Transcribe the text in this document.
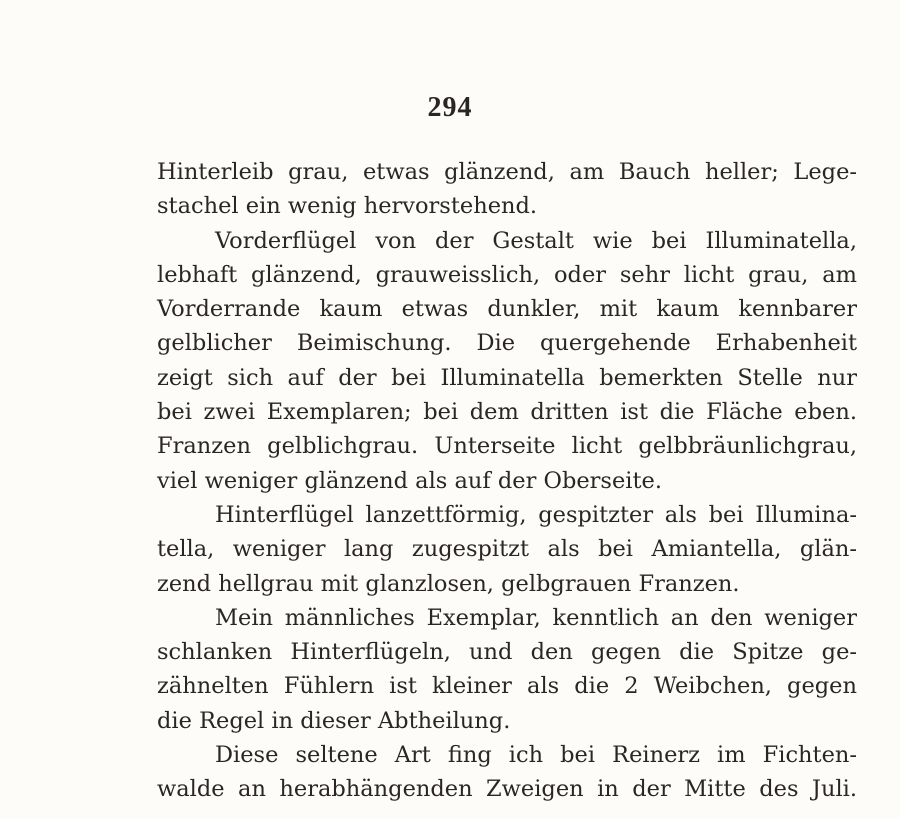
294
Hinterleib grau, etwas glänzend, am Bauch heller; Lege-
stachel ein wenig hervorstehend.
Vorderflügel von der Gestalt wie bei Illuminatella,
lebhaft glänzend, grauweisslich, oder sehr licht grau, am
Vorderrande kaum etwas dunkler, mit kaum kennbarer
gelblicher Beimischung. Die quergehende Erhabenheit
zeigt sich auf der bei Illuminatella bemerkten Stelle nur
bei zwei Exemplaren; bei dem dritten ist die Fläche eben.
Franzen gelblichgrau. Unterseite licht gelbbräunlichgrau,
viel weniger glänzend als auf der Oberseite.
Hinterflügel lanzettförmig, gespitzter als bei Illumina-
tella, weniger lang zugespitzt als bei Amiantella, glän-
zend hellgrau mit glanzlosen, gelbgrauen Franzen.
Mein männliches Exemplar, kenntlich an den weniger
schlanken Hinterflügeln, und den gegen die Spitze ge-
zähnelten Fühlern ist kleiner als die 2 Weibchen, gegen
die Regel in dieser Abtheilung.
Diese seltene Art fing ich bei Reinerz im Fichten-
walde an herabhängenden Zweigen in der Mitte des Juli.
